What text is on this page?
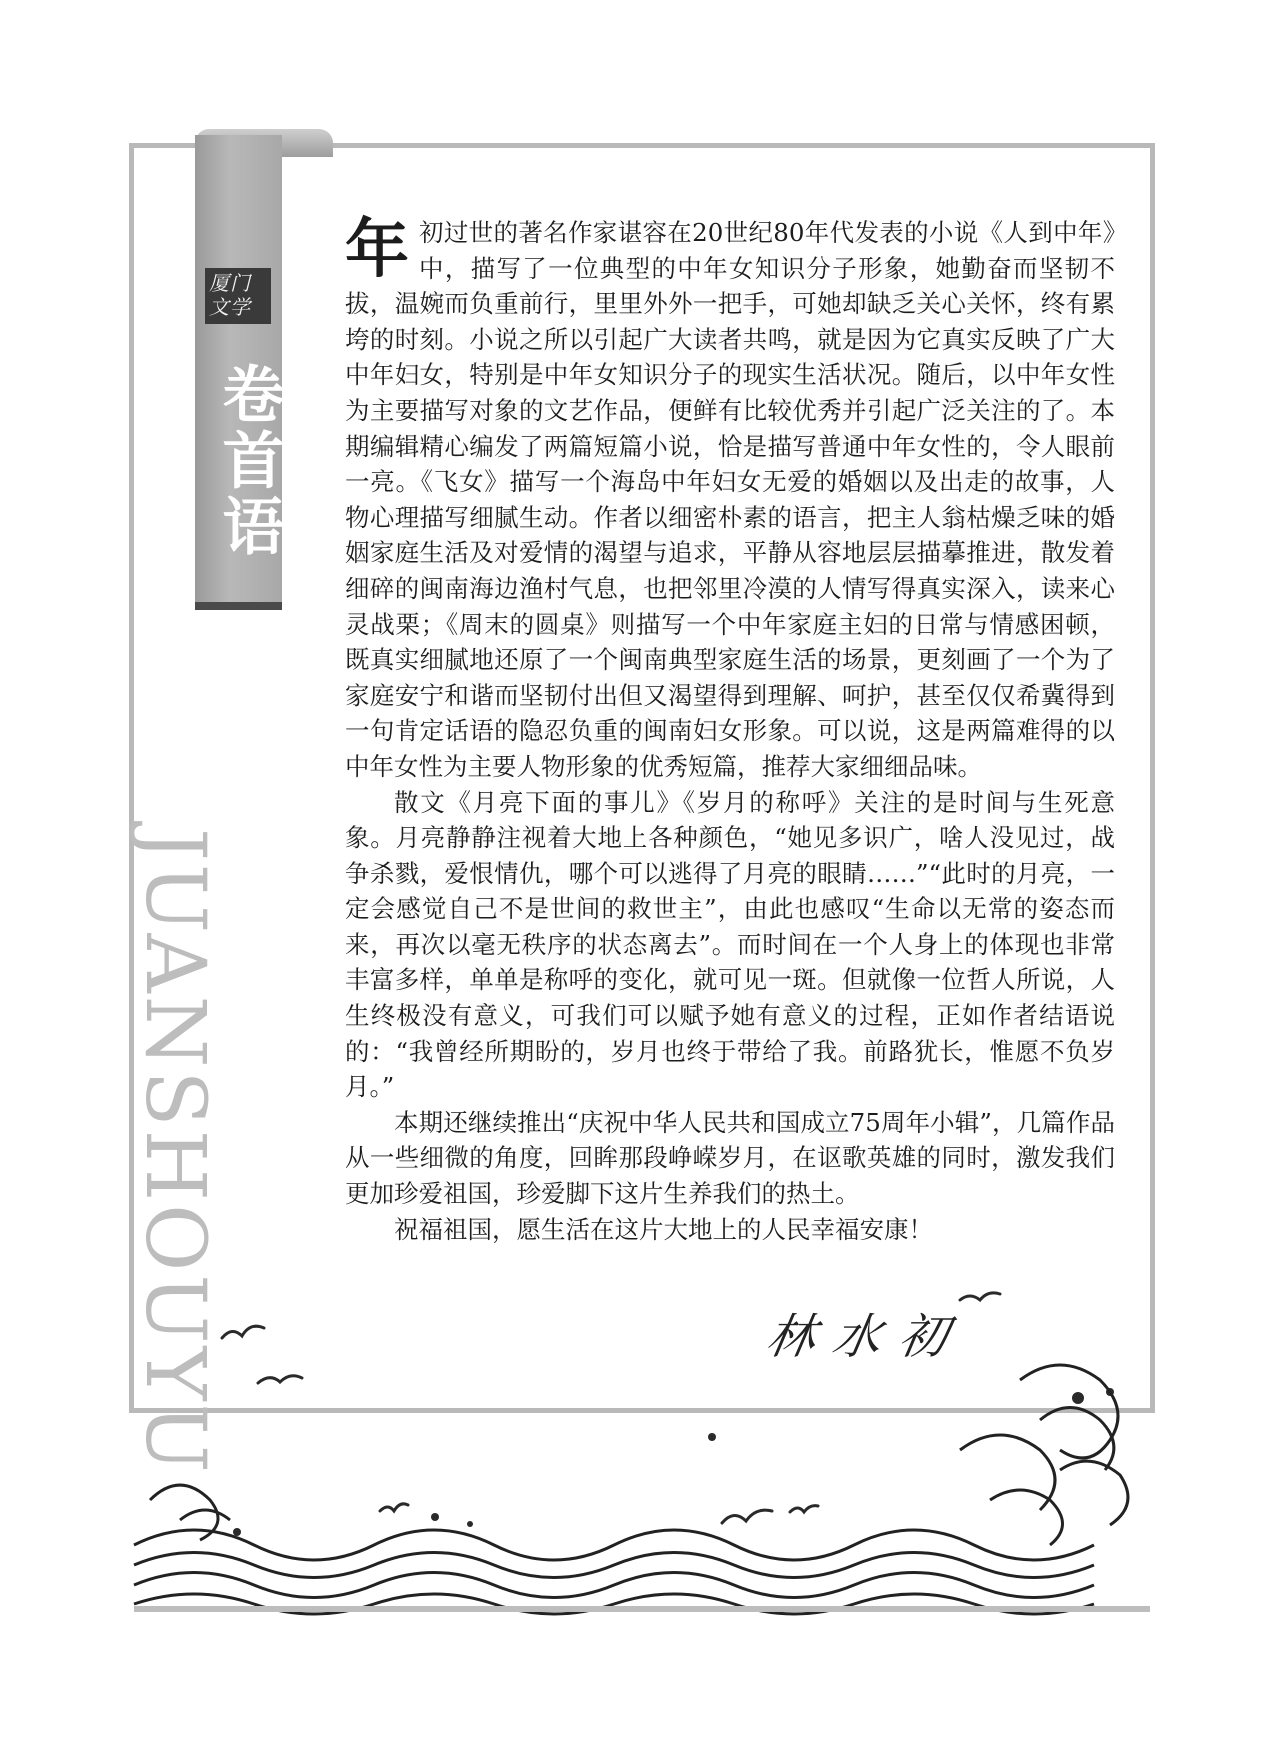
厦门文学
卷首语
JUANSHOUYU

年初过世的著名作家谌容在20世纪80年代发表的小说《人到中年》中，描写了一位典型的中年女知识分子形象，她勤奋而坚韧不拔，温婉而负重前行，里里外外一把手，可她却缺乏关心关怀，终有累垮的时刻。小说之所以引起广大读者共鸣，就是因为它真实反映了广大中年妇女，特别是中年女知识分子的现实生活状况。随后，以中年女性为主要描写对象的文艺作品，便鲜有比较优秀并引起广泛关注的了。本期编辑精心编发了两篇短篇小说，恰是描写普通中年女性的，令人眼前一亮。《飞女》描写一个海岛中年妇女无爱的婚姻以及出走的故事，人物心理描写细腻生动。作者以细密朴素的语言，把主人翁枯燥乏味的婚姻家庭生活及对爱情的渴望与追求，平静从容地层层描摹推进，散发着细碎的闽南海边渔村气息，也把邻里冷漠的人情写得真实深入，读来心灵战栗；《周末的圆桌》则描写一个中年家庭主妇的日常与情感困顿，既真实细腻地还原了一个闽南典型家庭生活的场景，更刻画了一个为了家庭安宁和谐而坚韧付出但又渴望得到理解、呵护，甚至仅仅希冀得到一句肯定话语的隐忍负重的闽南妇女形象。可以说，这是两篇难得的以中年女性为主要人物形象的优秀短篇，推荐大家细细品味。

散文《月亮下面的事儿》《岁月的称呼》关注的是时间与生死意象。月亮静静注视着大地上各种颜色，“她见多识广，啥人没见过，战争杀戮，爱恨情仇，哪个可以逃得了月亮的眼睛……”“此时的月亮，一定会感觉自己不是世间的救世主”，由此也感叹“生命以无常的姿态而来，再次以毫无秩序的状态离去”。而时间在一个人身上的体现也非常丰富多样，单单是称呼的变化，就可见一斑。但就像一位哲人所说，人生终极没有意义，可我们可以赋予她有意义的过程，正如作者结语说的：“我曾经所期盼的，岁月也终于带给了我。前路犹长，惟愿不负岁月。”

本期还继续推出“庆祝中华人民共和国成立75周年小辑”，几篇作品从一些细微的角度，回眸那段峥嵘岁月，在讴歌英雄的同时，激发我们更加珍爱祖国，珍爱脚下这片生养我们的热土。

祝福祖国，愿生活在这片大地上的人民幸福安康！

林水初
